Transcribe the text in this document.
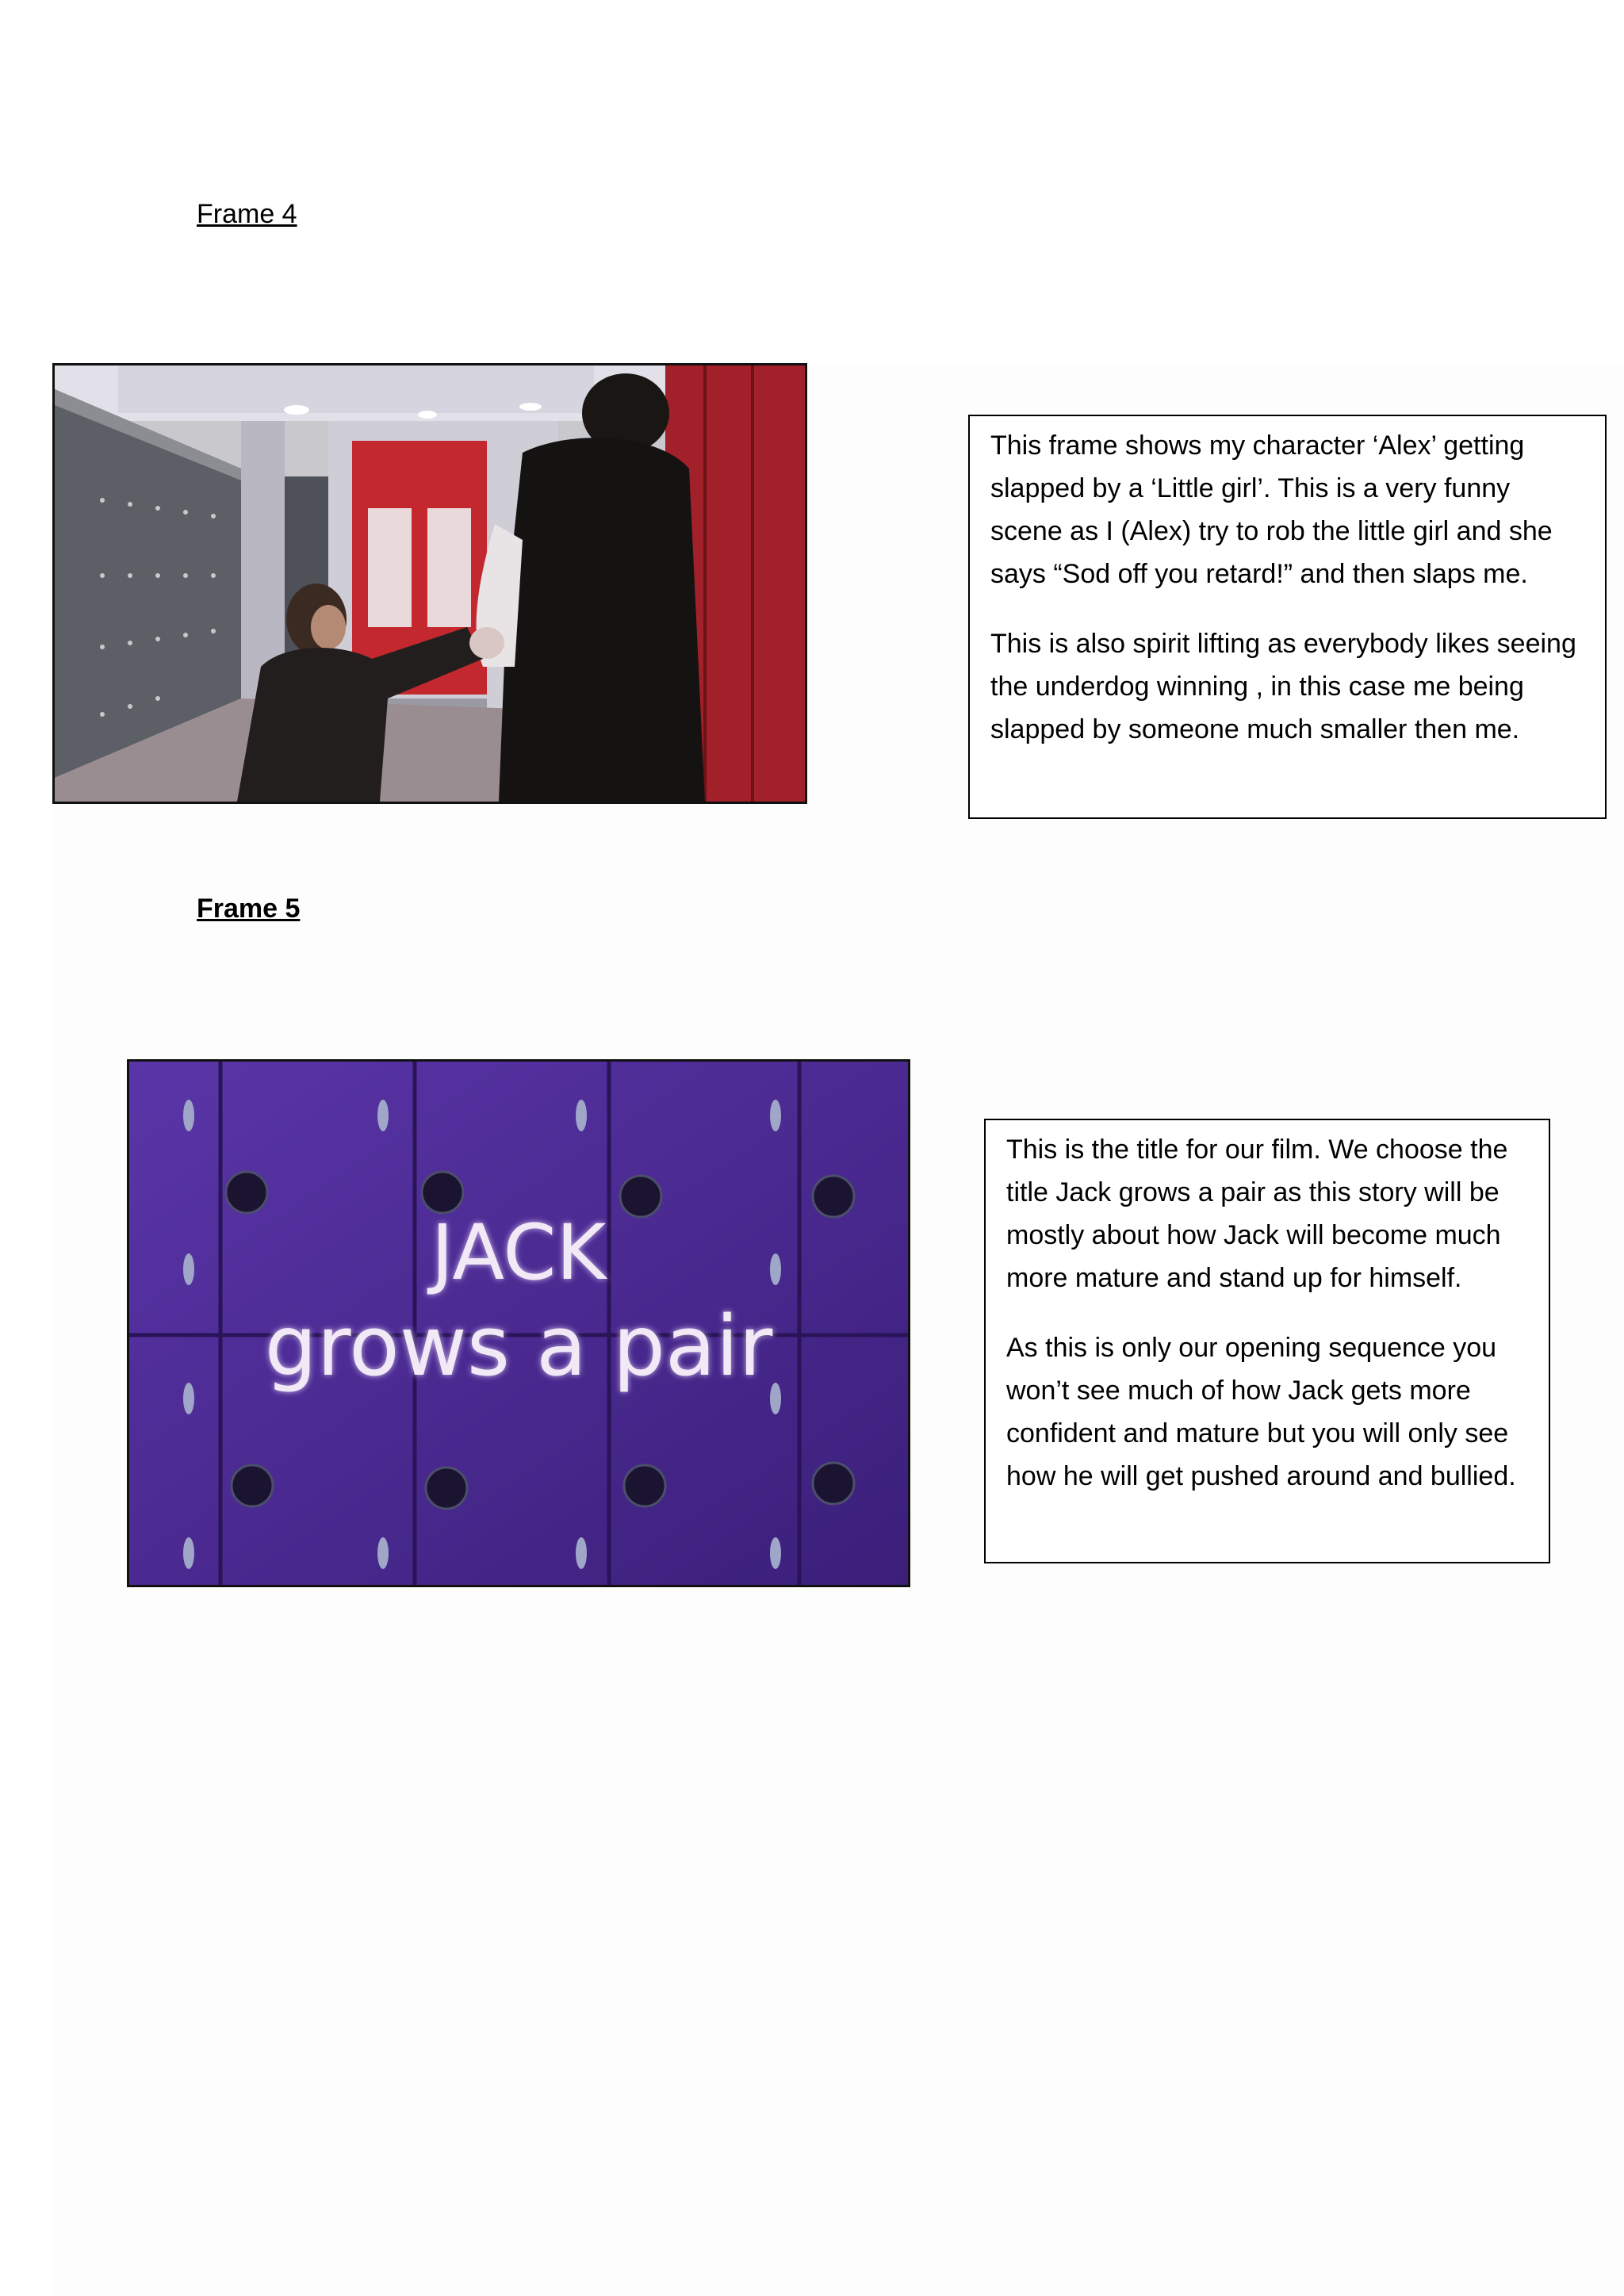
Frame 4

This frame shows my character ‘Alex’ getting slapped by a ‘Little girl’. This is a very funny scene as I (Alex) try to rob the little girl and she says “Sod off you retard!” and then slaps me.

This is also spirit lifting as everybody likes seeing the underdog winning , in this case me being slapped by someone much smaller then me.

Frame 5
JACK
grows a pair

This is the title for our film. We choose the title Jack grows a pair as this story will be mostly about how Jack will become much more mature and stand up for himself.

As this is only our opening sequence you won’t see much of how Jack gets more confident and mature but you will only see how he will get pushed around and bullied.
